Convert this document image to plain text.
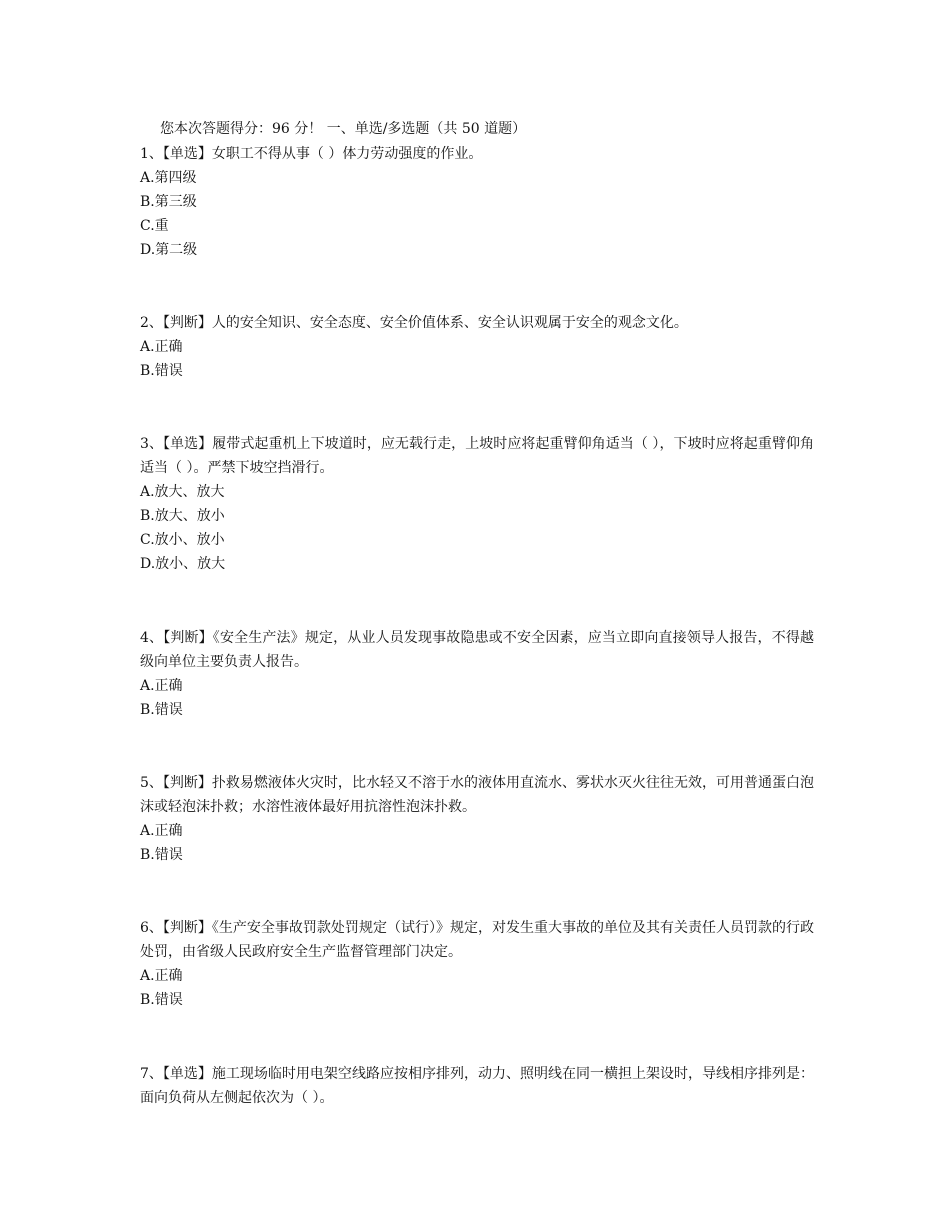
您本次答题得分：96 分！ 一、单选/多选题（共 50 道题）
1、【单选】女职工不得从事（ ）体力劳动强度的作业。
A.第四级
B.第三级
C.重
D.第二级
2、【判断】人的安全知识、安全态度、安全价值体系、安全认识观属于安全的观念文化。
A.正确
B.错误
3、【单选】履带式起重机上下坡道时，应无载行走，上坡时应将起重臂仰角适当（ ），下坡时应将起重臂仰角适当（ ）。严禁下坡空挡滑行。
A.放大、放大
B.放大、放小
C.放小、放小
D.放小、放大
4、【判断】《安全生产法》规定，从业人员发现事故隐患或不安全因素，应当立即向直接领导人报告，不得越级向单位主要负责人报告。
A.正确
B.错误
5、【判断】扑救易燃液体火灾时，比水轻又不溶于水的液体用直流水、雾状水灭火往往无效，可用普通蛋白泡沫或轻泡沫扑救；水溶性液体最好用抗溶性泡沫扑救。
A.正确
B.错误
6、【判断】《生产安全事故罚款处罚规定（试行）》规定，对发生重大事故的单位及其有关责任人员罚款的行政处罚，由省级人民政府安全生产监督管理部门决定。
A.正确
B.错误
7、【单选】施工现场临时用电架空线路应按相序排列，动力、照明线在同一横担上架设时，导线相序排列是：面向负荷从左侧起依次为（ ）。
